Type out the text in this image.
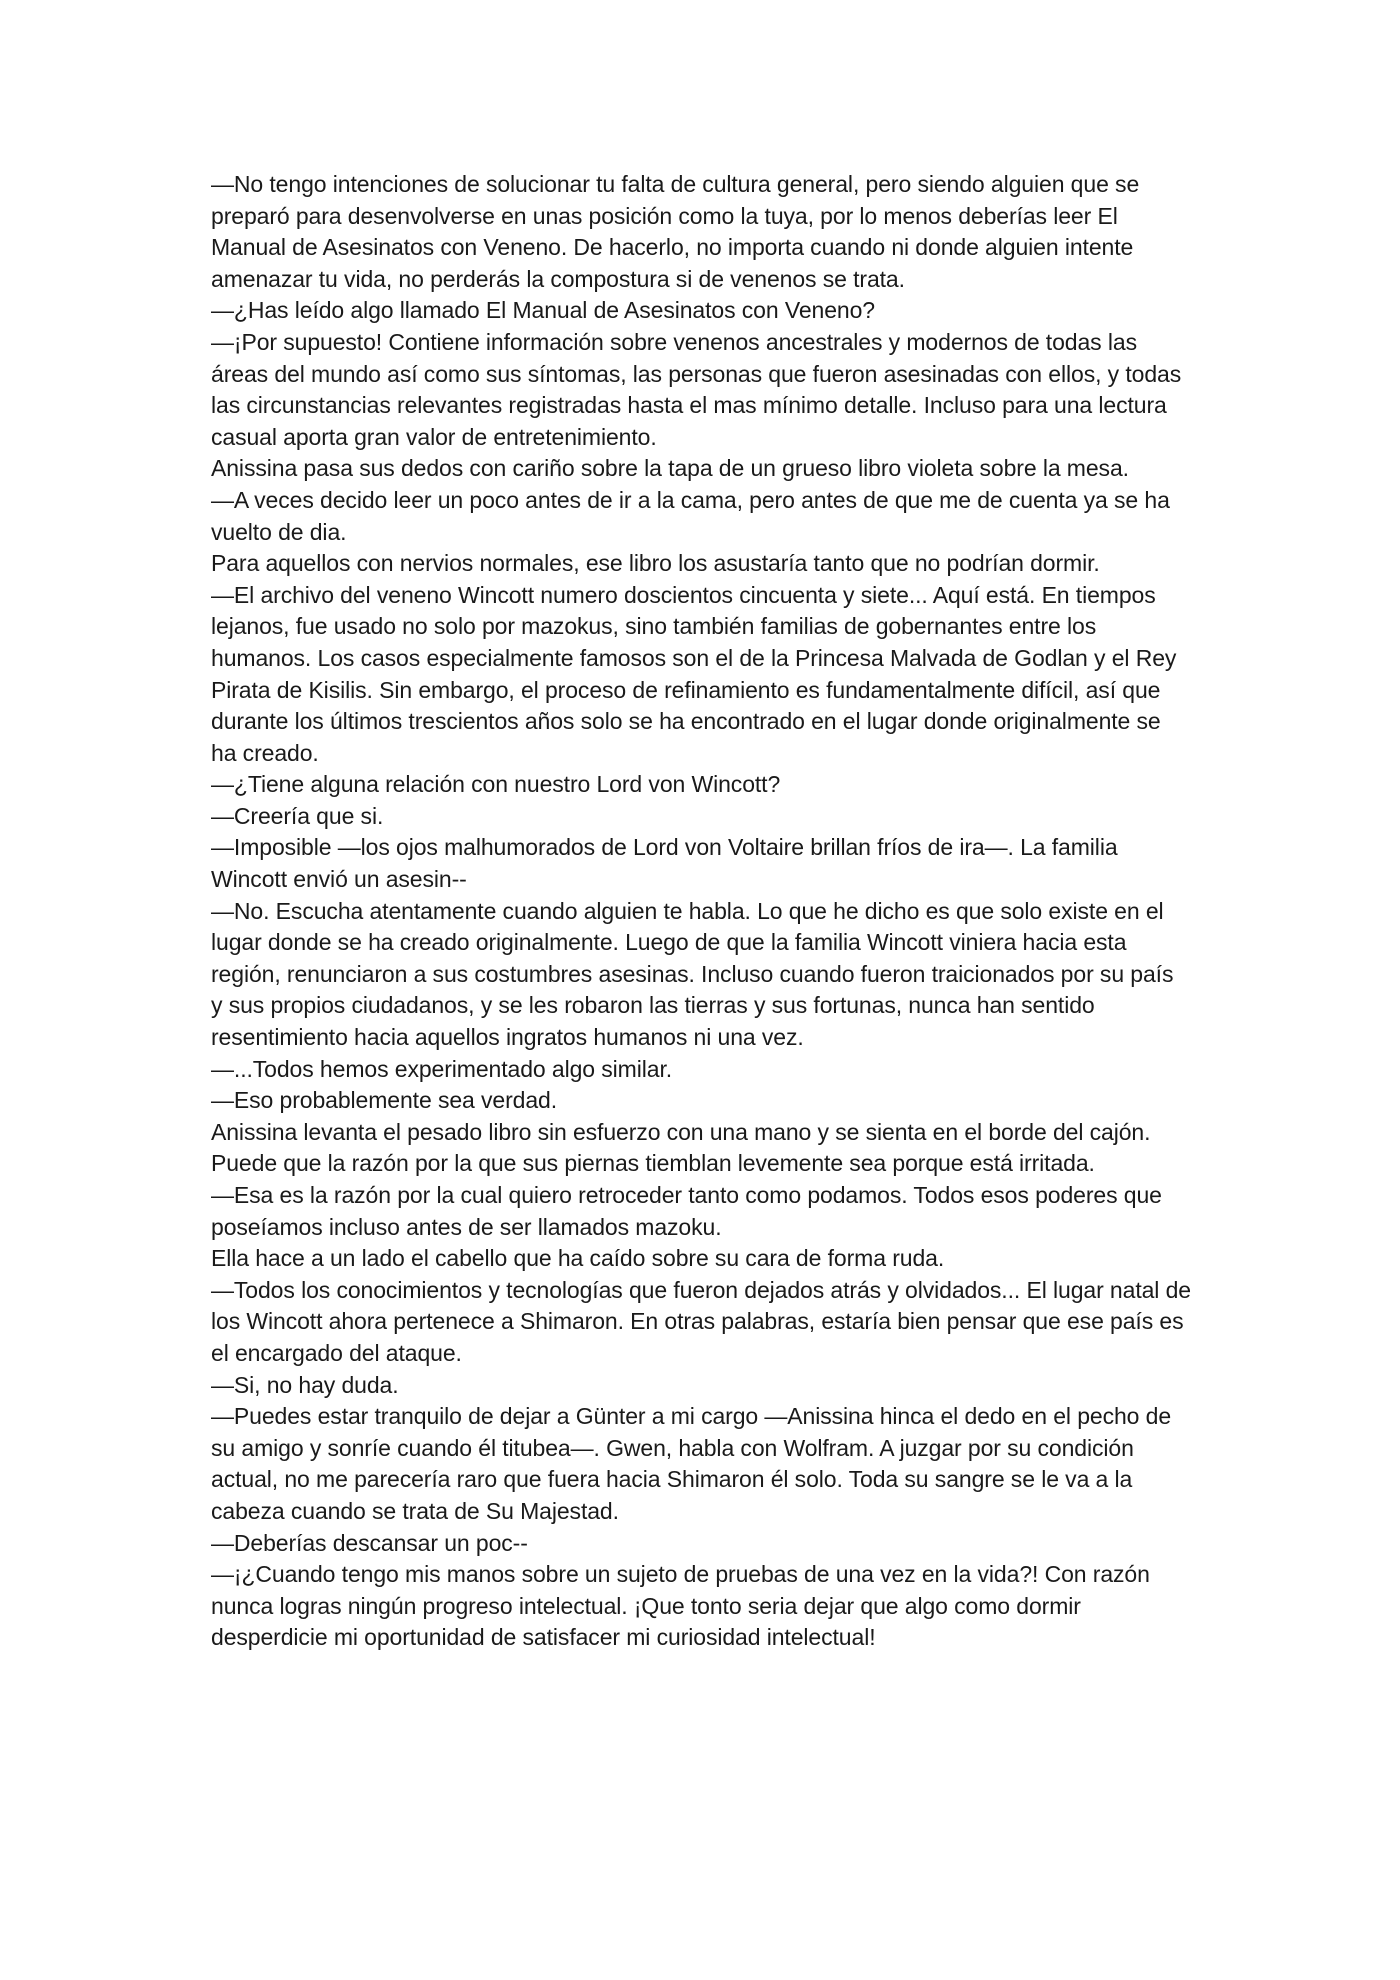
—No tengo intenciones de solucionar tu falta de cultura general, pero siendo alguien que se preparó para desenvolverse en unas posición como la tuya, por lo menos deberías leer El Manual de Asesinatos con Veneno. De hacerlo, no importa cuando ni donde alguien intente amenazar tu vida, no perderás la compostura si de venenos se trata.

—¿Has leído algo llamado El Manual de Asesinatos con Veneno?

—¡Por supuesto! Contiene información sobre venenos ancestrales y modernos de todas las áreas del mundo así como sus síntomas, las personas que fueron asesinadas con ellos, y todas las circunstancias relevantes registradas hasta el mas mínimo detalle. Incluso para una lectura casual aporta gran valor de entretenimiento.

Anissina pasa sus dedos con cariño sobre la tapa de un grueso libro violeta sobre la mesa.

—A veces decido leer un poco antes de ir a la cama, pero antes de que me de cuenta ya se ha vuelto de dia.

Para aquellos con nervios normales, ese libro los asustaría tanto que no podrían dormir.

—El archivo del veneno Wincott numero doscientos cincuenta y siete... Aquí está. En tiempos lejanos, fue usado no solo por mazokus, sino también familias de gobernantes entre los humanos. Los casos especialmente famosos son el de la Princesa Malvada de Godlan y el Rey Pirata de Kisilis. Sin embargo, el proceso de refinamiento es fundamentalmente difícil, así que durante los últimos trescientos años solo se ha encontrado en el lugar donde originalmente se ha creado.

—¿Tiene alguna relación con nuestro Lord von Wincott?

—Creería que si.

—Imposible —los ojos malhumorados de Lord von Voltaire brillan fríos de ira—. La familia Wincott envió un asesin--

—No. Escucha atentamente cuando alguien te habla. Lo que he dicho es que solo existe en el lugar donde se ha creado originalmente. Luego de que la familia Wincott viniera hacia esta región, renunciaron a sus costumbres asesinas. Incluso cuando fueron traicionados por su país y sus propios ciudadanos, y se les robaron las tierras y sus fortunas, nunca han sentido resentimiento hacia aquellos ingratos humanos ni una vez.

—...Todos hemos experimentado algo similar.

—Eso probablemente sea verdad.

Anissina levanta el pesado libro sin esfuerzo con una mano y se sienta en el borde del cajón. Puede que la razón por la que sus piernas tiemblan levemente sea porque está irritada.

—Esa es la razón por la cual quiero retroceder tanto como podamos. Todos esos poderes que poseíamos incluso antes de ser llamados mazoku.

Ella hace a un lado el cabello que ha caído sobre su cara de forma ruda.

—Todos los conocimientos y tecnologías que fueron dejados atrás y olvidados... El lugar natal de los Wincott ahora pertenece a Shimaron. En otras palabras, estaría bien pensar que ese país es el encargado del ataque.

—Si, no hay duda.

—Puedes estar tranquilo de dejar a Günter a mi cargo —Anissina hinca el dedo en el pecho de su amigo y sonríe cuando él titubea—. Gwen, habla con Wolfram. A juzgar por su condición actual, no me parecería raro que fuera hacia Shimaron él solo. Toda su sangre se le va a la cabeza cuando se trata de Su Majestad.

—Deberías descansar un poc--

—¡¿Cuando tengo mis manos sobre un sujeto de pruebas de una vez en la vida?! Con razón nunca logras ningún progreso intelectual. ¡Que tonto seria dejar que algo como dormir desperdicie mi oportunidad de satisfacer mi curiosidad intelectual!
